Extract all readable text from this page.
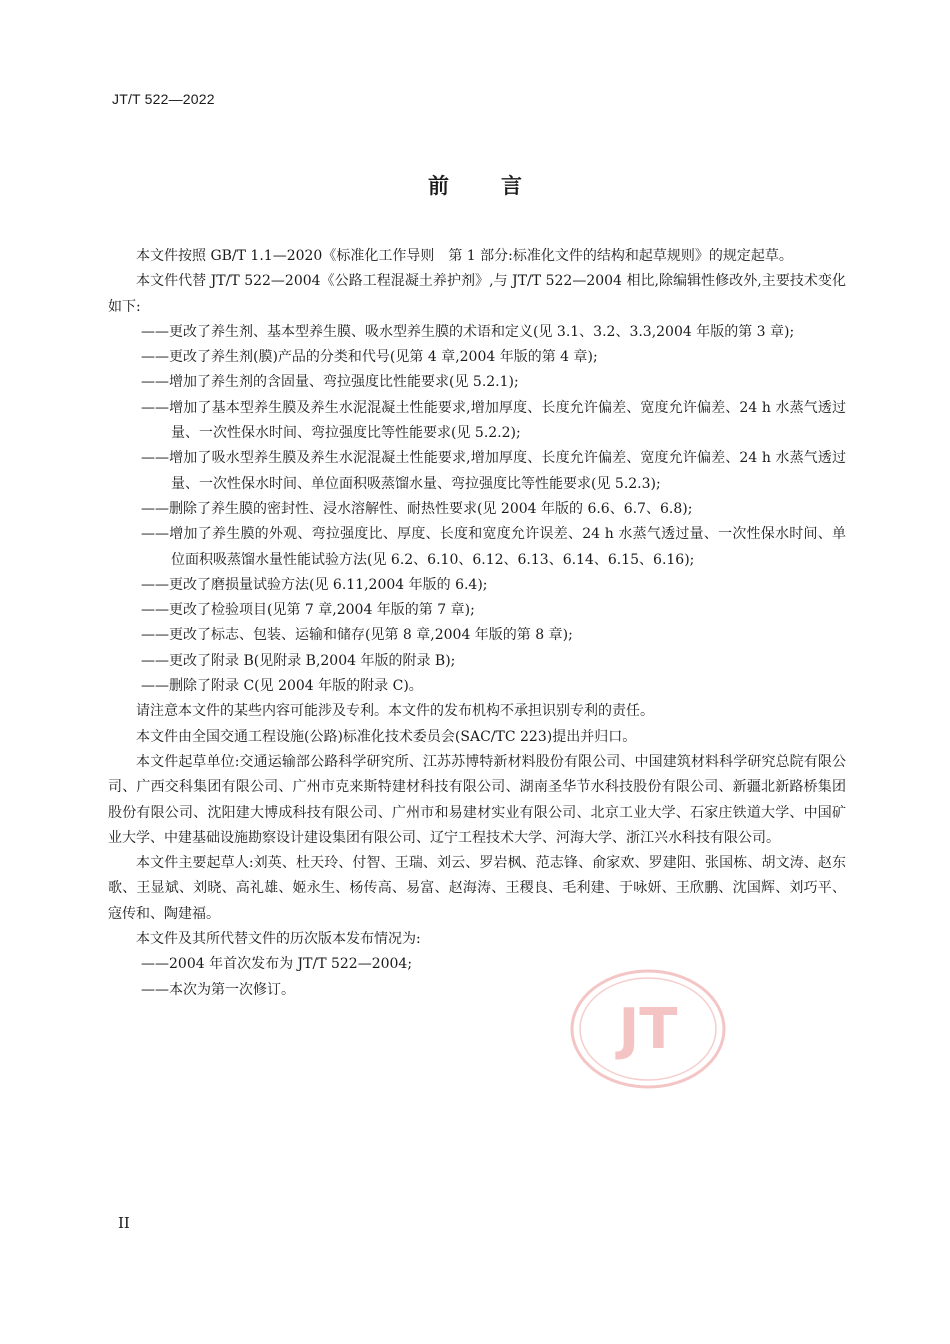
JT/T 522—2022
前言

本文件按照 GB/T 1.1—2020《标准化工作导则　第 1 部分:标准化文件的结构和起草规则》的规定起草。

本文件代替 JT/T 522—2004《公路工程混凝土养护剂》,与 JT/T 522—2004 相比,除编辑性修改外,主要技术变化如下:

——更改了养生剂、基本型养生膜、吸水型养生膜的术语和定义(见 3.1、3.2、3.3,2004 年版的第 3 章);

——更改了养生剂(膜)产品的分类和代号(见第 4 章,2004 年版的第 4 章);

——增加了养生剂的含固量、弯拉强度比性能要求(见 5.2.1);

——增加了基本型养生膜及养生水泥混凝土性能要求,增加厚度、长度允许偏差、宽度允许偏差、24 h 水蒸气透过量、一次性保水时间、弯拉强度比等性能要求(见 5.2.2);

——增加了吸水型养生膜及养生水泥混凝土性能要求,增加厚度、长度允许偏差、宽度允许偏差、24 h 水蒸气透过量、一次性保水时间、单位面积吸蒸馏水量、弯拉强度比等性能要求(见 5.2.3);

——删除了养生膜的密封性、浸水溶解性、耐热性要求(见 2004 年版的 6.6、6.7、6.8);

——增加了养生膜的外观、弯拉强度比、厚度、长度和宽度允许误差、24 h 水蒸气透过量、一次性保水时间、单位面积吸蒸馏水量性能试验方法(见 6.2、6.10、6.12、6.13、6.14、6.15、6.16);

——更改了磨损量试验方法(见 6.11,2004 年版的 6.4);

——更改了检验项目(见第 7 章,2004 年版的第 7 章);

——更改了标志、包装、运输和储存(见第 8 章,2004 年版的第 8 章);

——更改了附录 B(见附录 B,2004 年版的附录 B);

——删除了附录 C(见 2004 年版的附录 C)。

请注意本文件的某些内容可能涉及专利。本文件的发布机构不承担识别专利的责任。

本文件由全国交通工程设施(公路)标准化技术委员会(SAC/TC 223)提出并归口。

本文件起草单位:交通运输部公路科学研究所、江苏苏博特新材料股份有限公司、中国建筑材料科学研究总院有限公司、广西交科集团有限公司、广州市克来斯特建材科技有限公司、湖南圣华节水科技股份有限公司、新疆北新路桥集团股份有限公司、沈阳建大博成科技有限公司、广州市和易建材实业有限公司、北京工业大学、石家庄铁道大学、中国矿业大学、中建基础设施勘察设计建设集团有限公司、辽宁工程技术大学、河海大学、浙江兴水科技有限公司。

本文件主要起草人:刘英、杜天玲、付智、王瑞、刘云、罗岩枫、范志锋、俞家欢、罗建阳、张国栋、胡文涛、赵东歌、王显斌、刘晓、高礼雄、姬永生、杨传高、易富、赵海涛、王稷良、毛利建、于咏妍、王欣鹏、沈国辉、刘巧平、寇传和、陶建福。

本文件及其所代替文件的历次版本发布情况为:

——2004 年首次发布为 JT/T 522—2004;

——本次为第一次修订。

JT
II
